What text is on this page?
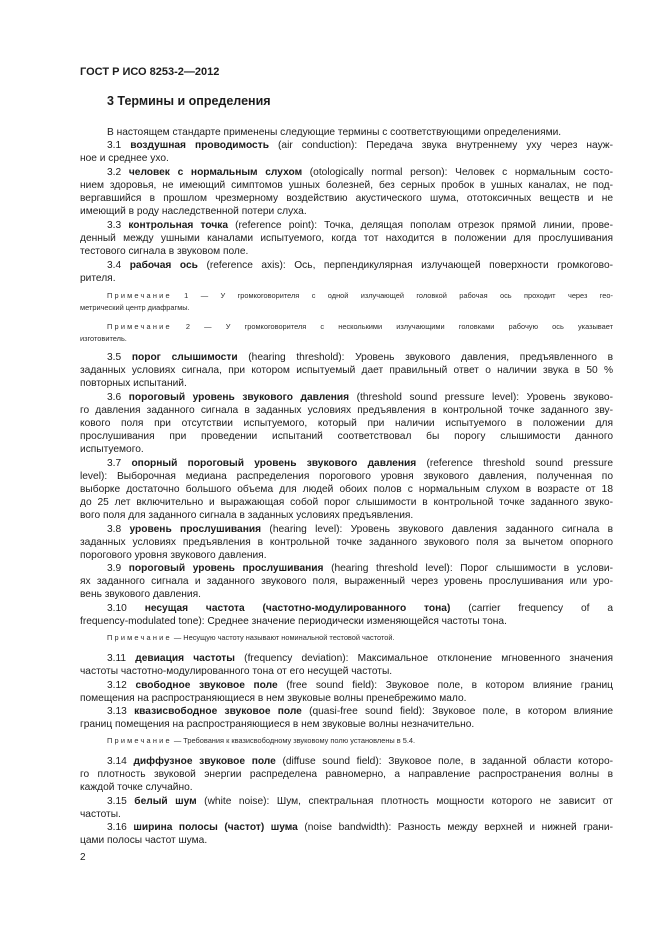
ГОСТ Р ИСО 8253-2—2012
3 Термины и определения
В настоящем стандарте применены следующие термины с соответствующими определениями.
3.1 воздушная проводимость (air conduction): Передача звука внутреннему уху через науж-
ное и среднее ухо.
3.2 человек с нормальным слухом (otologically normal person): Человек с нормальным состо-
нием здоровья, не имеющий симптомов ушных болезней, без серных пробок в ушных каналах, не под-
вергавшийся в прошлом чрезмерному воздействию акустического шума, ототоксичных веществ и не
имеющий в роду наследственной потери слуха.
3.3 контрольная точка (reference point): Точка, делящая пополам отрезок прямой линии, прове-
денный между ушными каналами испытуемого, когда тот находится в положении для прослушивания
тестового сигнала в звуковом поле.
3.4 рабочая ось (reference axis): Ось, перпендикулярная излучающей поверхности громкогово-
рителя.
Примечание 1 — У громкоговорителя с одной излучающей головкой рабочая ось проходит через гео-
метрический центр диафрагмы.
Примечание 2 — У громкоговорителя с несколькими излучающими головками рабочую ось указывает
изготовитель.
3.5 порог слышимости (hearing threshold): Уровень звукового давления, предъявленного в
заданных условиях сигнала, при котором испытуемый дает правильный ответ о наличии звука в 50 %
повторных испытаний.
3.6 пороговый уровень звукового давления (threshold sound pressure level): Уровень звуково-
го давления заданного сигнала в заданных условиях предъявления в контрольной точке заданного зву-
кового поля при отсутствии испытуемого, который при наличии испытуемого в положении для
прослушивания при проведении испытаний соответствовал бы порогу слышимости данного
испытуемого.
3.7 опорный пороговый уровень звукового давления (reference threshold sound pressure
level): Выборочная медиана распределения порогового уровня звукового давления, полученная по
выборке достаточно большого объема для людей обоих полов с нормальным слухом в возрасте от 18
до 25 лет включительно и выражающая собой порог слышимости в контрольной точке заданного звуко-
вого поля для заданного сигнала в заданных условиях предъявления.
3.8 уровень прослушивания (hearing level): Уровень звукового давления заданного сигнала в
заданных условиях предъявления в контрольной точке заданного звукового поля за вычетом опорного
порогового уровня звукового давления.
3.9 пороговый уровень прослушивания (hearing threshold level): Порог слышимости в услови-
ях заданного сигнала и заданного звукового поля, выраженный через уровень прослушивания или уро-
вень звукового давления.
3.10 несущая частота (частотно-модулированного тона) (carrier frequency of a
frequency-modulated tone): Среднее значение периодически изменяющейся частоты тона.
Примечание — Несущую частоту называют номинальной тестовой частотой.
3.11 девиация частоты (frequency deviation): Максимальное отклонение мгновенного значения
частоты частотно-модулированного тона от его несущей частоты.
3.12 свободное звуковое поле (free sound field): Звуковое поле, в котором влияние границ
помещения на распространяющиеся в нем звуковые волны пренебрежимо мало.
3.13 квазисвободное звуковое поле (quasi-free sound field): Звуковое поле, в котором влияние
границ помещения на распространяющиеся в нем звуковые волны незначительно.
Примечание — Требования к квазисвободному звуковому полю установлены в 5.4.
3.14 диффузное звуковое поле (diffuse sound field): Звуковое поле, в заданной области которо-
го плотность звуковой энергии распределена равномерно, а направление распространения волны в
каждой точке случайно.
3.15 белый шум (white noise): Шум, спектральная плотность мощности которого не зависит от
частоты.
3.16 ширина полосы (частот) шума (noise bandwidth): Разность между верхней и нижней грани-
цами полосы частот шума.
2
